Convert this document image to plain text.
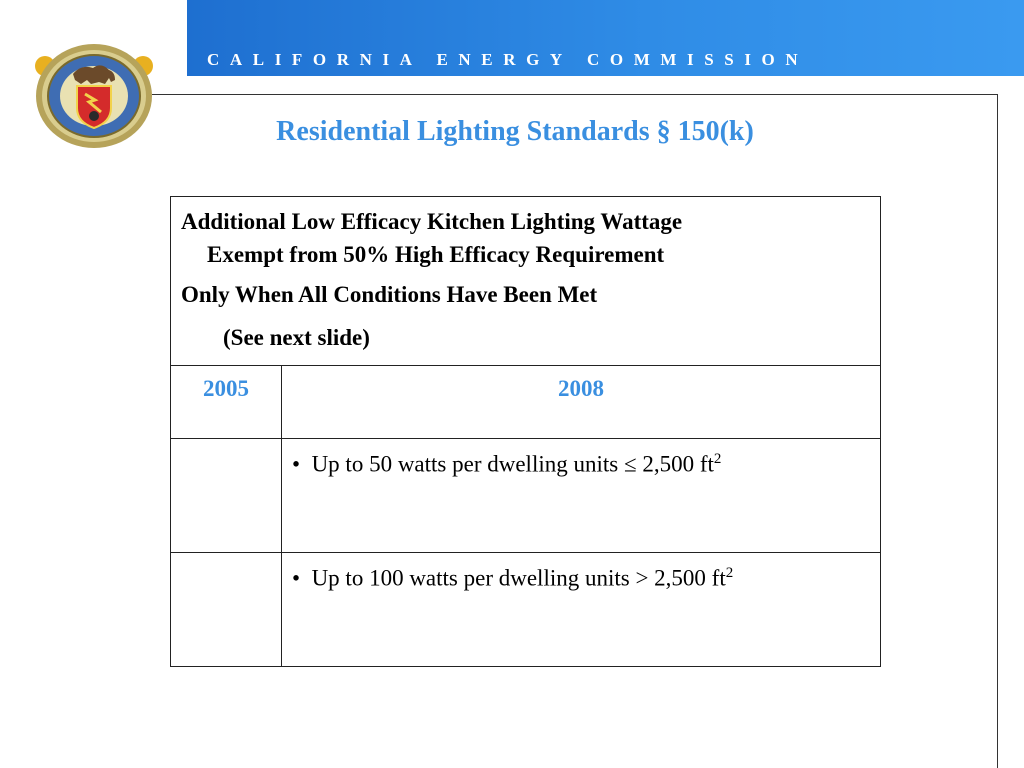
CALIFORNIA ENERGY COMMISSION
Residential Lighting Standards § 150(k)

Additional Low Efficacy Kitchen Lighting Wattage

Exempt from 50% High Efficacy Requirement

Only When All Conditions Have Been Met

(See next slide)	

2005	2008

	• Up to 50 watts per dwelling units ≤ 2,500 $ft^2$

	• Up to 100 watts per dwelling units > 2,500 $ft^2$
